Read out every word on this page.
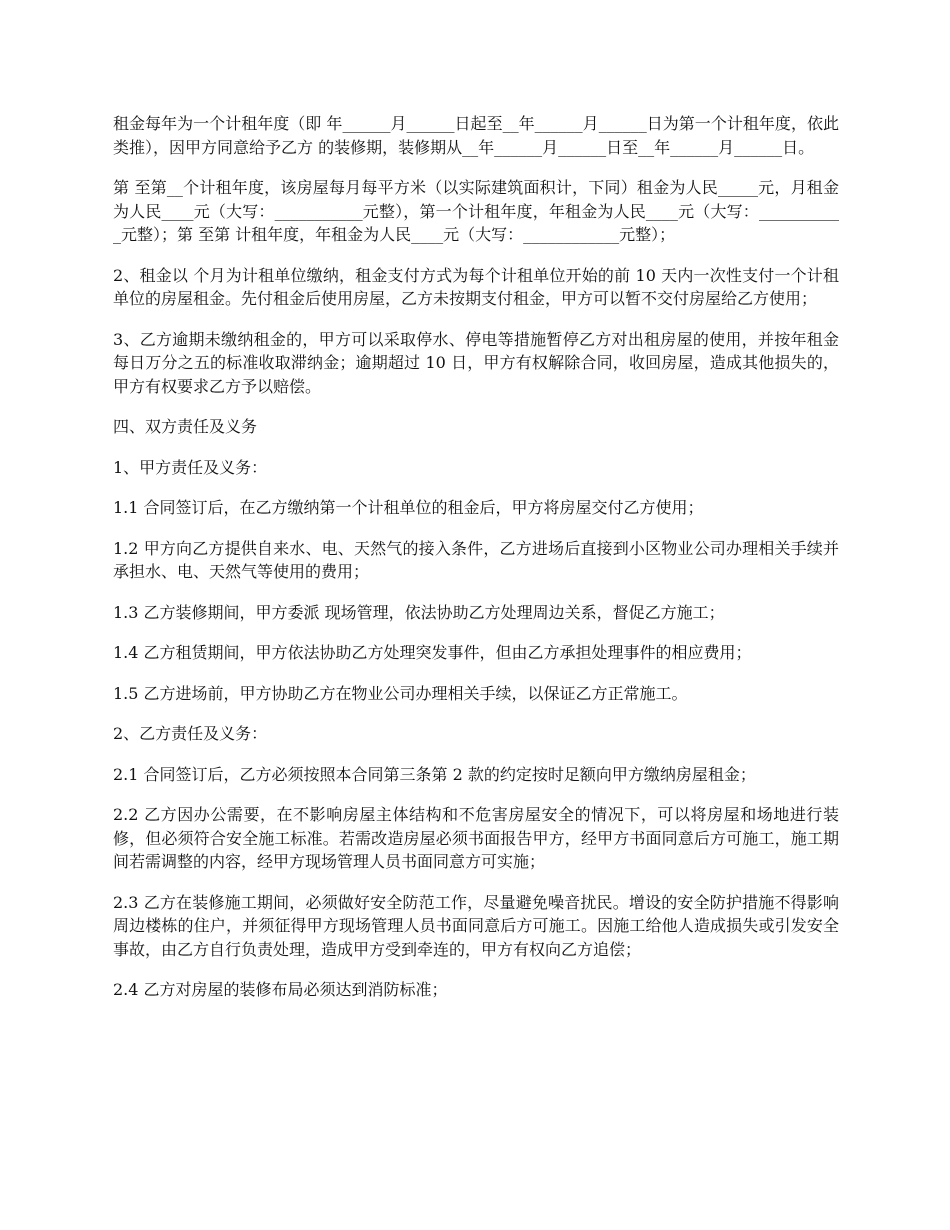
租金每年为一个计租年度（即 年______月______日起至__年______月______日为第一个计租年度，依此类推），因甲方同意给予乙方 的装修期，装修期从__年______月______日至__年______月______日。

第 至第__个计租年度，该房屋每月每平方米（以实际建筑面积计，下同）租金为人民_____元，月租金为人民____元（大写：___________元整），第一个计租年度，年租金为人民____元（大写：___________元整）；第 至第 计租年度，年租金为人民____元（大写：____________元整）；

2、租金以 个月为计租单位缴纳，租金支付方式为每个计租单位开始的前 10 天内一次性支付一个计租单位的房屋租金。先付租金后使用房屋，乙方未按期支付租金，甲方可以暂不交付房屋给乙方使用；

3、乙方逾期未缴纳租金的，甲方可以采取停水、停电等措施暂停乙方对出租房屋的使用，并按年租金每日万分之五的标准收取滞纳金；逾期超过 10 日，甲方有权解除合同，收回房屋，造成其他损失的，甲方有权要求乙方予以赔偿。

四、双方责任及义务

1、甲方责任及义务：

1.1 合同签订后，在乙方缴纳第一个计租单位的租金后，甲方将房屋交付乙方使用；

1.2 甲方向乙方提供自来水、电、天然气的接入条件，乙方进场后直接到小区物业公司办理相关手续并承担水、电、天然气等使用的费用；

1.3 乙方装修期间，甲方委派 现场管理，依法协助乙方处理周边关系，督促乙方施工；

1.4 乙方租赁期间，甲方依法协助乙方处理突发事件，但由乙方承担处理事件的相应费用；

1.5 乙方进场前，甲方协助乙方在物业公司办理相关手续，以保证乙方正常施工。

2、乙方责任及义务：

2.1 合同签订后，乙方必须按照本合同第三条第 2 款的约定按时足额向甲方缴纳房屋租金；

2.2 乙方因办公需要，在不影响房屋主体结构和不危害房屋安全的情况下，可以将房屋和场地进行装修，但必须符合安全施工标准。若需改造房屋必须书面报告甲方，经甲方书面同意后方可施工，施工期间若需调整的内容，经甲方现场管理人员书面同意方可实施；

2.3 乙方在装修施工期间，必须做好安全防范工作，尽量避免噪音扰民。增设的安全防护措施不得影响周边楼栋的住户，并须征得甲方现场管理人员书面同意后方可施工。因施工给他人造成损失或引发安全事故，由乙方自行负责处理，造成甲方受到牵连的，甲方有权向乙方追偿；

2.4 乙方对房屋的装修布局必须达到消防标准；
